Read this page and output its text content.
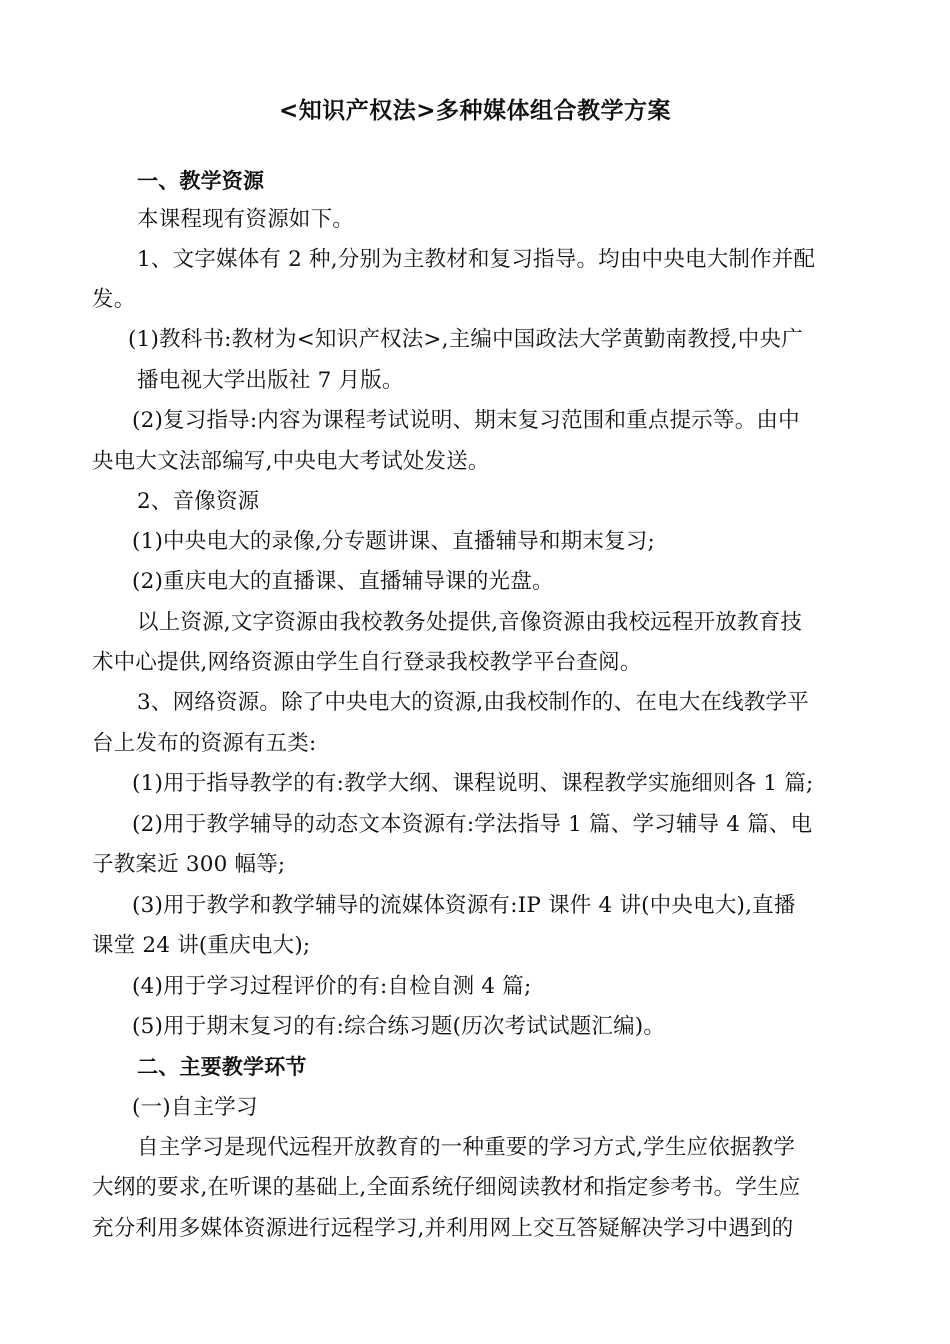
<知识产权法>多种媒体组合教学方案
一、教学资源
本课程现有资源如下。
1、文字媒体有 2 种,分别为主教材和复习指导。均由中央电大制作并配
发。
(1)教科书:教材为<知识产权法>,主编中国政法大学黄勤南教授,中央广
播电视大学出版社 7 月版。
(2)复习指导:内容为课程考试说明、期末复习范围和重点提示等。由中
央电大文法部编写,中央电大考试处发送。
2、音像资源
(1)中央电大的录像,分专题讲课、直播辅导和期末复习;
(2)重庆电大的直播课、直播辅导课的光盘。
以上资源,文字资源由我校教务处提供,音像资源由我校远程开放教育技
术中心提供,网络资源由学生自行登录我校教学平台查阅。
3、网络资源。除了中央电大的资源,由我校制作的、在电大在线教学平
台上发布的资源有五类:
(1)用于指导教学的有:教学大纲、课程说明、课程教学实施细则各 1 篇;
(2)用于教学辅导的动态文本资源有:学法指导 1 篇、学习辅导 4 篇、电
子教案近 300 幅等;
(3)用于教学和教学辅导的流媒体资源有:IP 课件 4 讲(中央电大),直播
课堂 24 讲(重庆电大);
(4)用于学习过程评价的有:自检自测 4 篇;
(5)用于期末复习的有:综合练习题(历次考试试题汇编)。
二、主要教学环节
(一)自主学习
自主学习是现代远程开放教育的一种重要的学习方式,学生应依据教学
大纲的要求,在听课的基础上,全面系统仔细阅读教材和指定参考书。学生应
充分利用多媒体资源进行远程学习,并利用网上交互答疑解决学习中遇到的
